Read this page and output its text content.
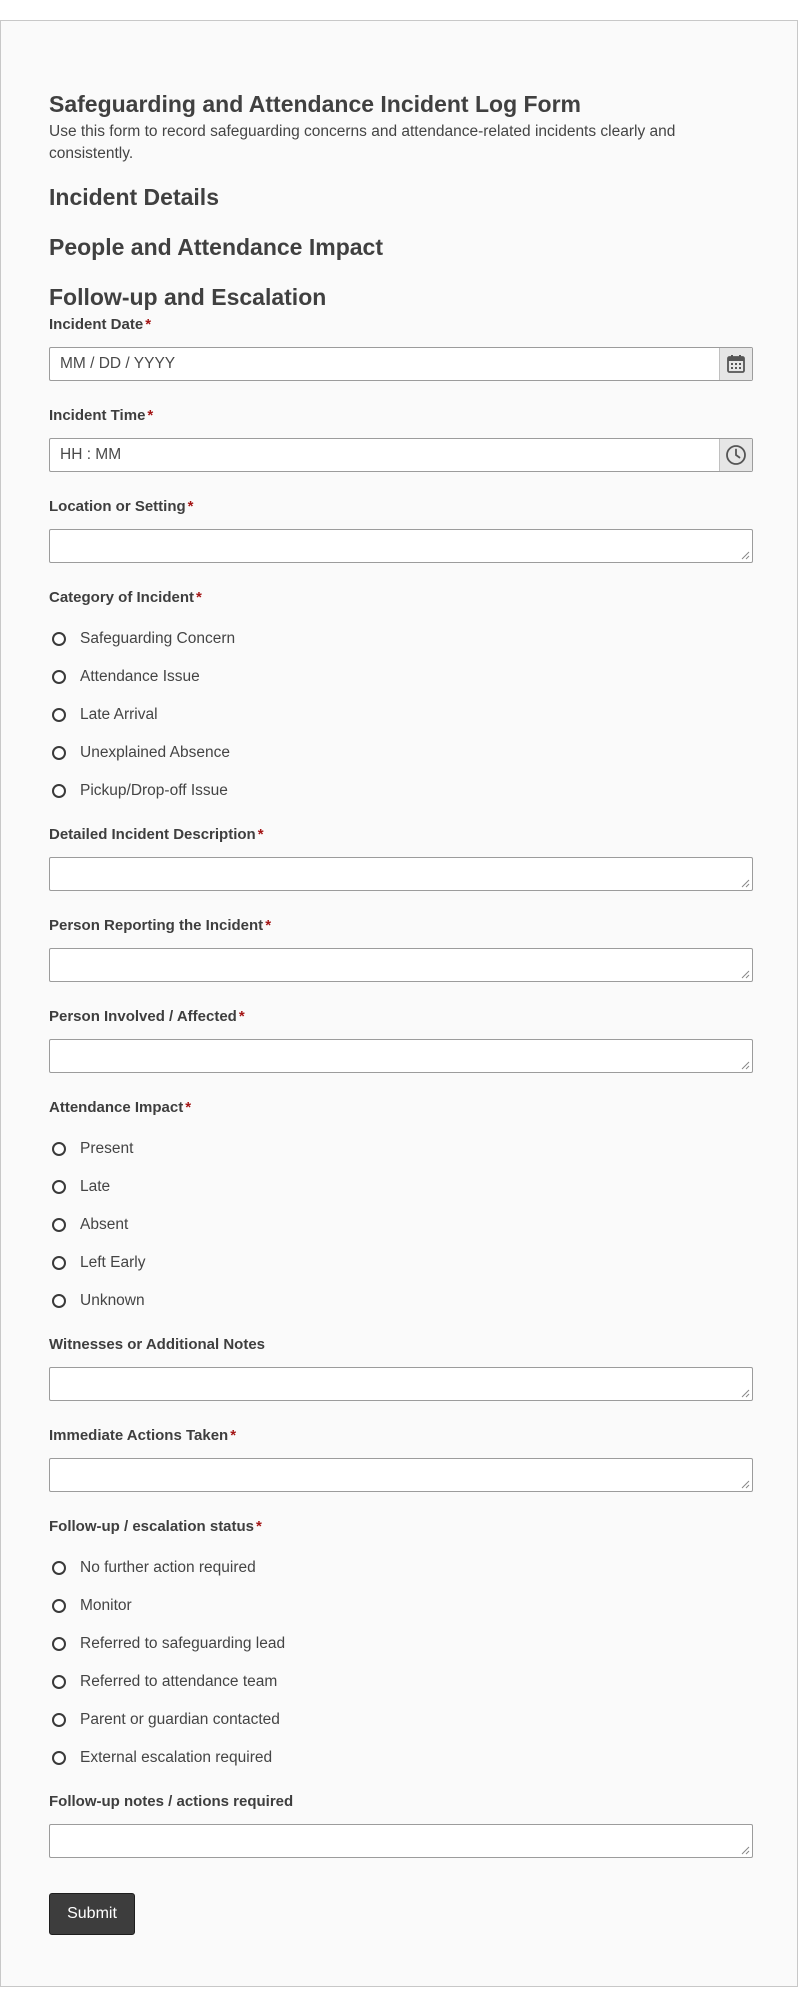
Safeguarding and Attendance Incident Log Form

Use this form to record safeguarding concerns and attendance-related incidents clearly and consistently.

Incident Details
People and Attendance Impact
Follow-up and Escalation
Incident Date *
MM / DD / YYYY
Incident Time *
HH : MM
Location or Setting *
Category of Incident *
Safeguarding Concern
Attendance Issue
Late Arrival
Unexplained Absence
Pickup/Drop-off Issue
Detailed Incident Description *
Person Reporting the Incident *
Person Involved / Affected *
Attendance Impact *
Present
Late
Absent
Left Early
Unknown
Witnesses or Additional Notes
Immediate Actions Taken *
Follow-up / escalation status *
No further action required
Monitor
Referred to safeguarding lead
Referred to attendance team
Parent or guardian contacted
External escalation required
Follow-up notes / actions required
Submit
